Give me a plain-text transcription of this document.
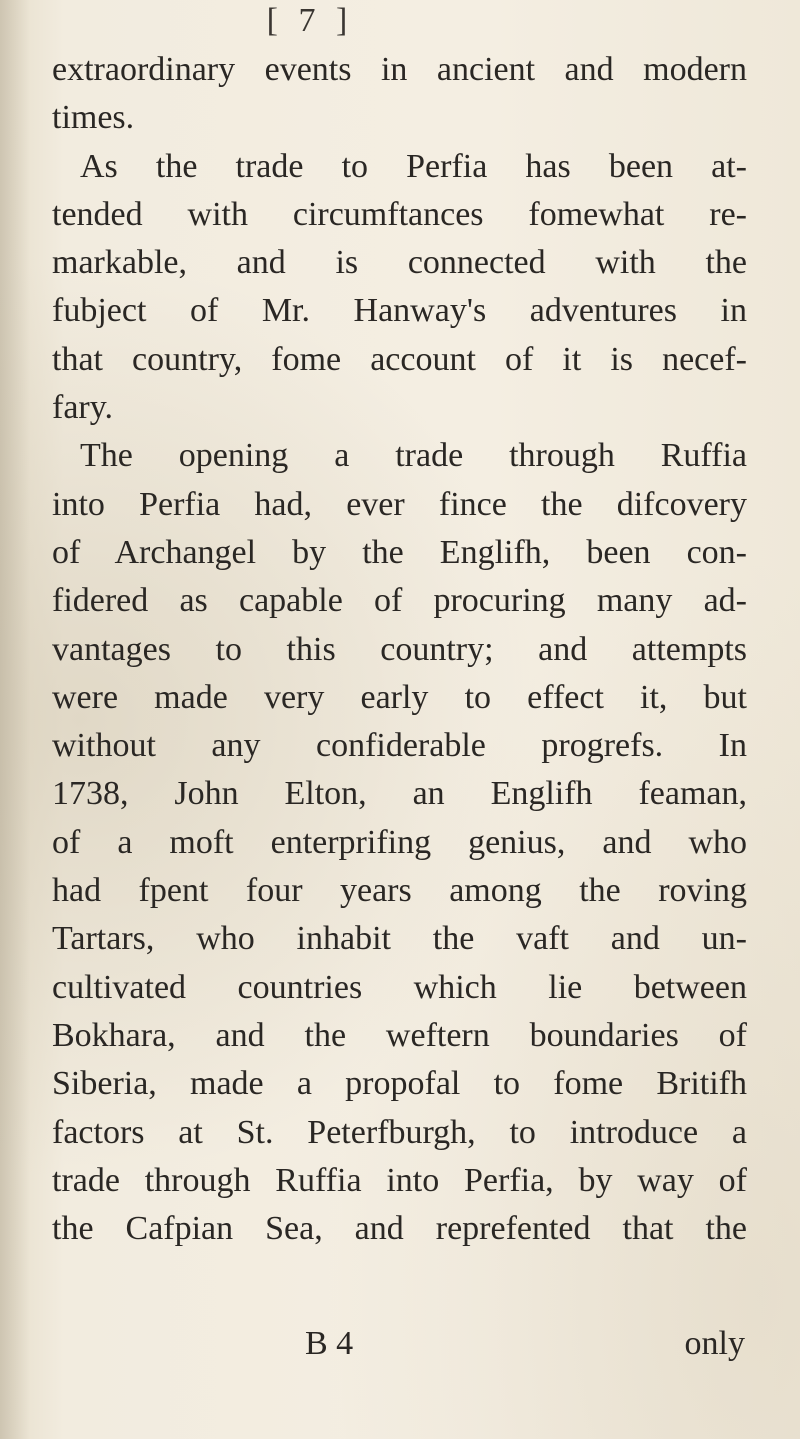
[ 7 ]
extraordinary events in ancient and modern
times.
As the trade to Perfia has been at-
tended with circumftances fomewhat re-
markable, and is connected with the
fubject of Mr. Hanway's adventures in
that country, fome account of it is necef-
fary.
The opening a trade through Ruffia
into Perfia had, ever fince the difcovery
of Archangel by the Englifh, been con-
fidered as capable of procuring many ad-
vantages to this country; and attempts
were made very early to effect it, but
without any confiderable progrefs. In
1738, John Elton, an Englifh feaman,
of a moft enterprifing genius, and who
had fpent four years among the roving
Tartars, who inhabit the vaft and un-
cultivated countries which lie between
Bokhara, and the weftern boundaries of
Siberia, made a propofal to fome Britifh
factors at St. Peterfburgh, to introduce a
trade through Ruffia into Perfia, by way of
the Cafpian Sea, and reprefented that the
B 4	only
